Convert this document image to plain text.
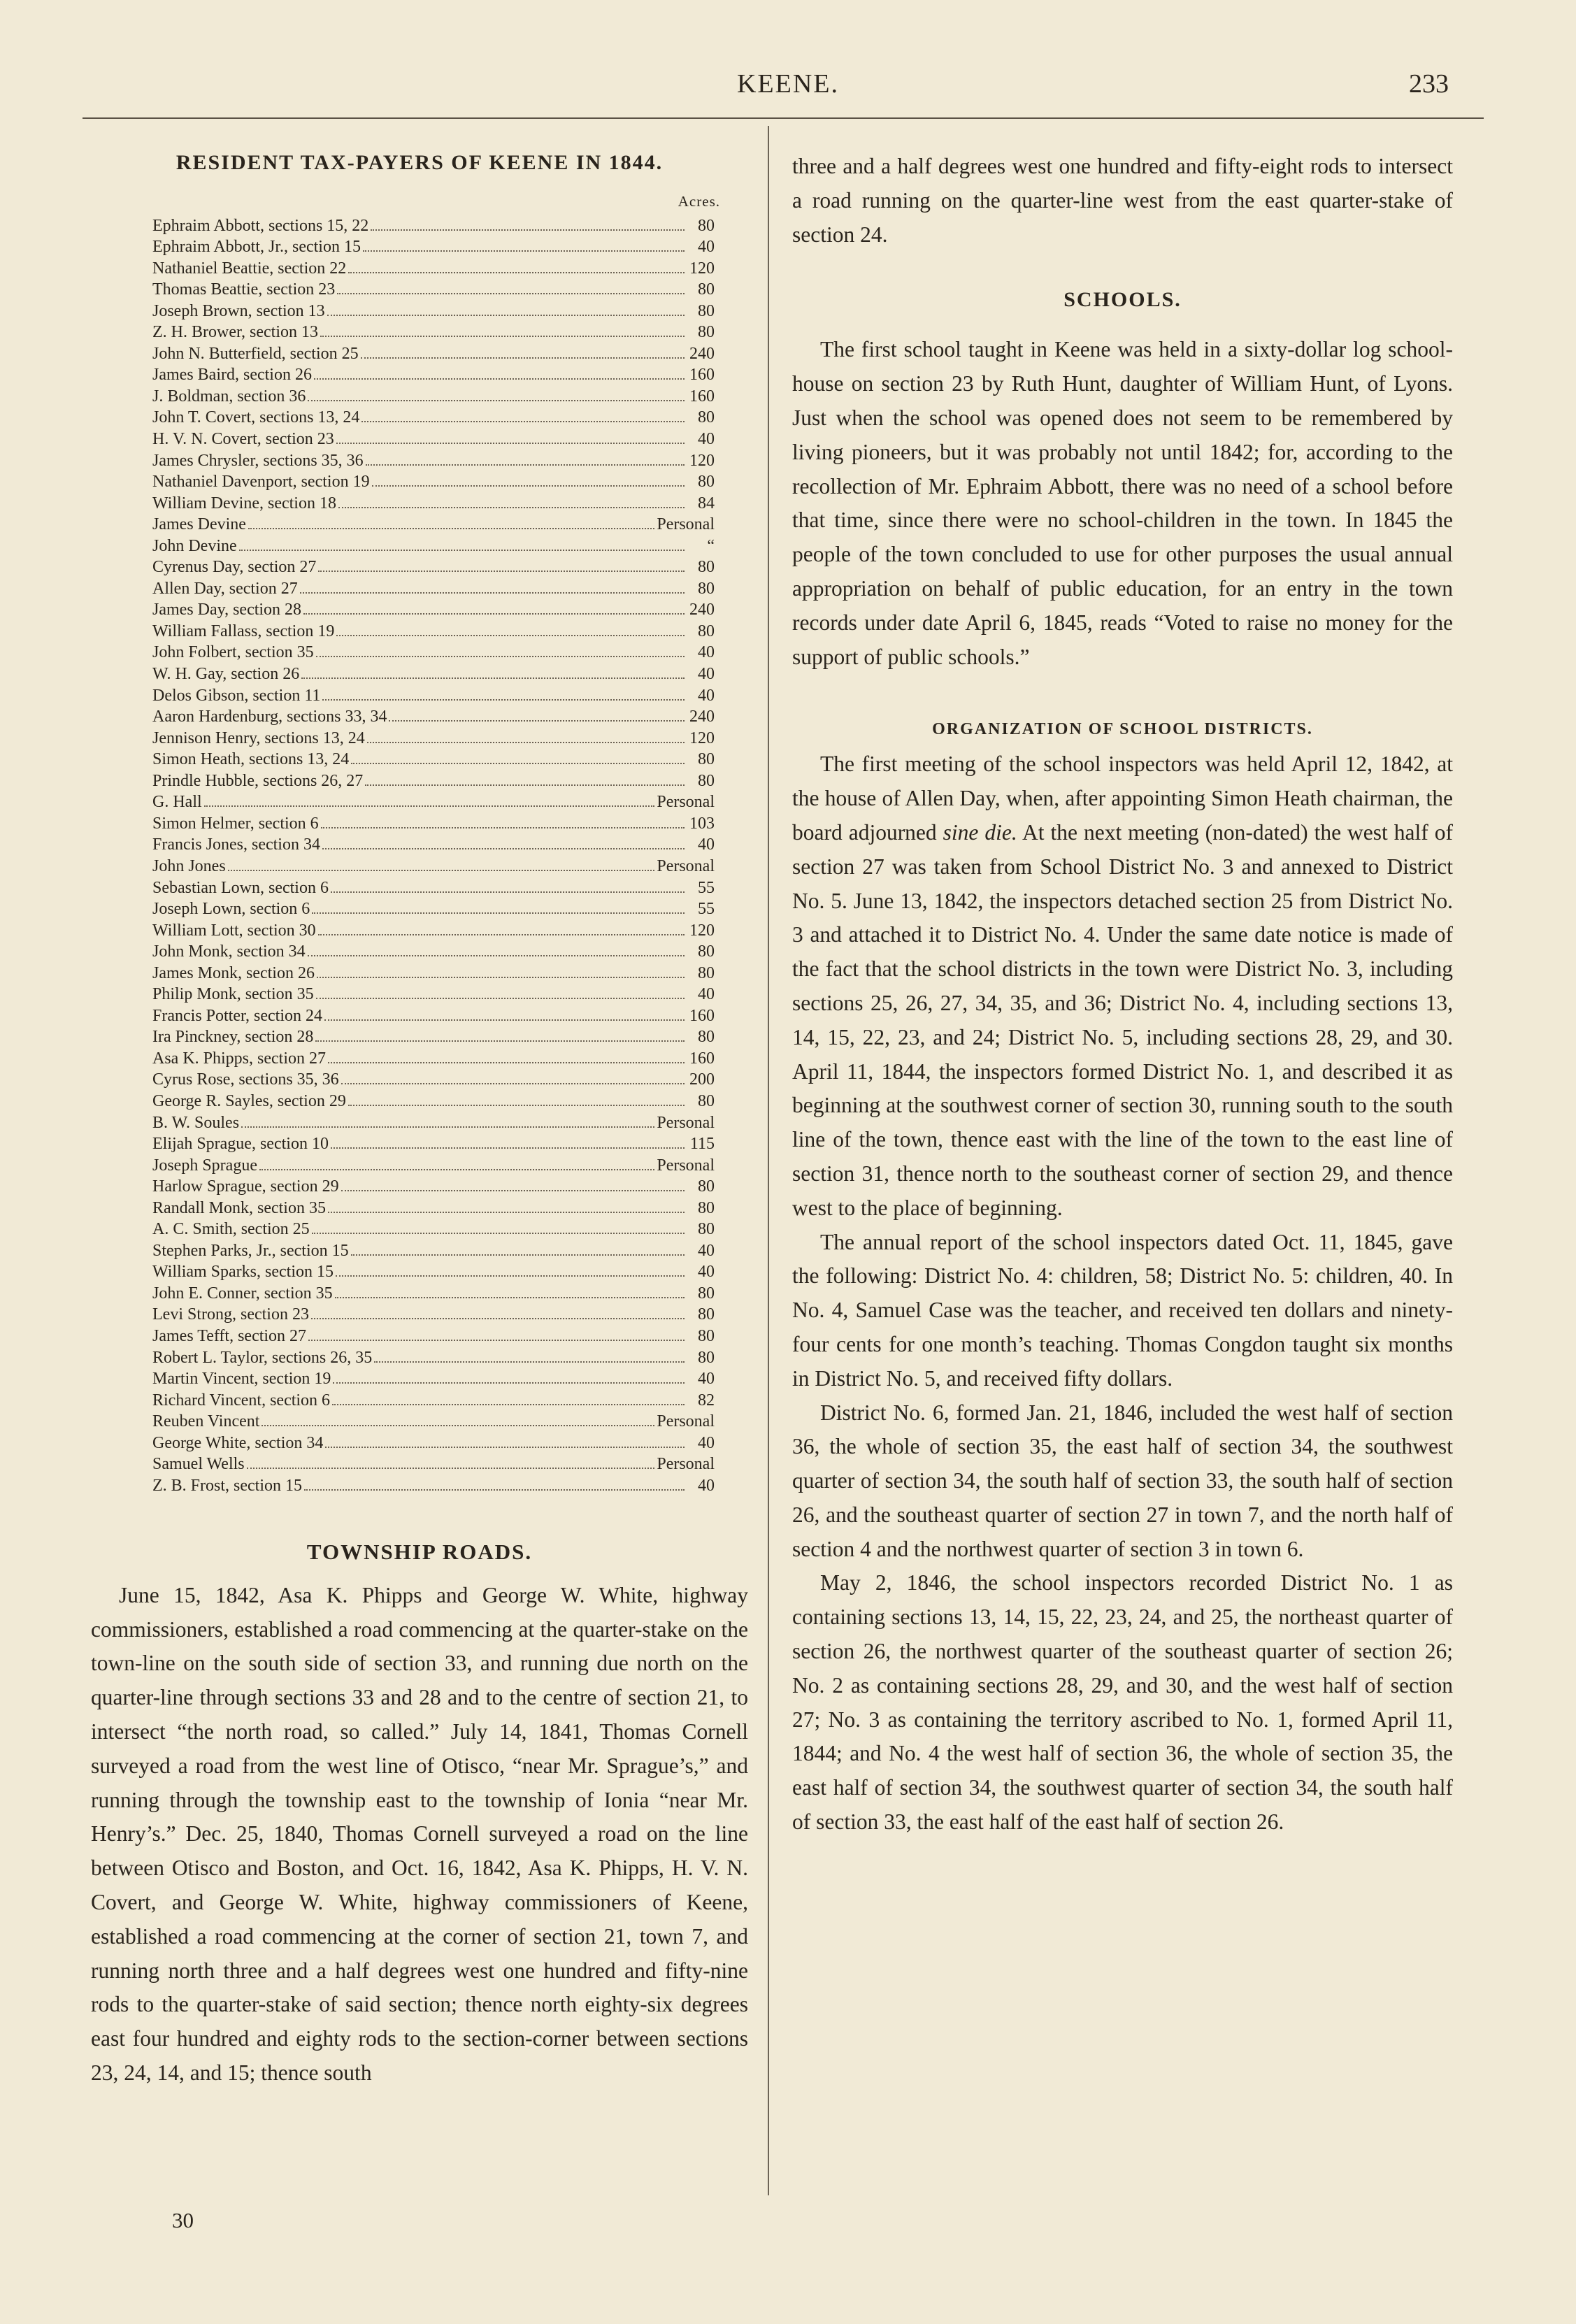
KEENE.	233
RESIDENT TAX-PAYERS OF KEENE IN 1844.
Acres.
Ephraim Abbott, sections 15, 22	80
Ephraim Abbott, Jr., section 15	40
Nathaniel Beattie, section 22	120
Thomas Beattie, section 23	80
Joseph Brown, section 13	80
Z. H. Brower, section 13	80
John N. Butterfield, section 25	240
James Baird, section 26	160
J. Boldman, section 36	160
John T. Covert, sections 13, 24	80
H. V. N. Covert, section 23	40
James Chrysler, sections 35, 36	120
Nathaniel Davenport, section 19	80
William Devine, section 18	84
James Devine	Personal
John Devine	“
Cyrenus Day, section 27	80
Allen Day, section 27	80
James Day, section 28	240
William Fallass, section 19	80
John Folbert, section 35	40
W. H. Gay, section 26	40
Delos Gibson, section 11	40
Aaron Hardenburg, sections 33, 34	240
Jennison Henry, sections 13, 24	120
Simon Heath, sections 13, 24	80
Prindle Hubble, sections 26, 27	80
G. Hall	Personal
Simon Helmer, section 6	103
Francis Jones, section 34	40
John Jones	Personal
Sebastian Lown, section 6	55
Joseph Lown, section 6	55
William Lott, section 30	120
John Monk, section 34	80
James Monk, section 26	80
Philip Monk, section 35	40
Francis Potter, section 24	160
Ira Pinckney, section 28	80
Asa K. Phipps, section 27	160
Cyrus Rose, sections 35, 36	200
George R. Sayles, section 29	80
B. W. Soules	Personal
Elijah Sprague, section 10	115
Joseph Sprague	Personal
Harlow Sprague, section 29	80
Randall Monk, section 35	80
A. C. Smith, section 25	80
Stephen Parks, Jr., section 15	40
William Sparks, section 15	40
John E. Conner, section 35	80
Levi Strong, section 23	80
James Tefft, section 27	80
Robert L. Taylor, sections 26, 35	80
Martin Vincent, section 19	40
Richard Vincent, section 6	82
Reuben Vincent	Personal
George White, section 34	40
Samuel Wells	Personal
Z. B. Frost, section 15	40
TOWNSHIP ROADS.

June 15, 1842, Asa K. Phipps and George W. White, highway commissioners, established a road commencing at the quarter-stake on the town-line on the south side of section 33, and running due north on the quarter-line through sections 33 and 28 and to the centre of section 21, to intersect “the north road, so called.” July 14, 1841, Thomas Cornell surveyed a road from the west line of Otisco, “near Mr. Sprague’s,” and running through the township east to the township of Ionia “near Mr. Henry’s.” Dec. 25, 1840, Thomas Cornell surveyed a road on the line between Otisco and Boston, and Oct. 16, 1842, Asa K. Phipps, H. V. N. Covert, and George W. White, highway commissioners of Keene, established a road commencing at the corner of section 21, town 7, and running north three and a half degrees west one hundred and fifty-nine rods to the quarter-stake of said section; thence north eighty-six degrees east four hundred and eighty rods to the section-corner between sections 23, 24, 14, and 15; thence south

30

three and a half degrees west one hundred and fifty-eight rods to intersect a road running on the quarter-line west from the east quarter-stake of section 24.

SCHOOLS.

The first school taught in Keene was held in a sixty-dollar log school-house on section 23 by Ruth Hunt, daughter of William Hunt, of Lyons. Just when the school was opened does not seem to be remembered by living pioneers, but it was probably not until 1842; for, according to the recollection of Mr. Ephraim Abbott, there was no need of a school before that time, since there were no school-children in the town. In 1845 the people of the town concluded to use for other purposes the usual annual appropriation on behalf of public education, for an entry in the town records under date April 6, 1845, reads “Voted to raise no money for the support of public schools.”

ORGANIZATION OF SCHOOL DISTRICTS.

The first meeting of the school inspectors was held April 12, 1842, at the house of Allen Day, when, after appointing Simon Heath chairman, the board adjourned sine die. At the next meeting (non-dated) the west half of section 27 was taken from School District No. 3 and annexed to District No. 5. June 13, 1842, the inspectors detached section 25 from District No. 3 and attached it to District No. 4. Under the same date notice is made of the fact that the school districts in the town were District No. 3, including sections 25, 26, 27, 34, 35, and 36; District No. 4, including sections 13, 14, 15, 22, 23, and 24; District No. 5, including sections 28, 29, and 30. April 11, 1844, the inspectors formed District No. 1, and described it as beginning at the southwest corner of section 30, running south to the south line of the town, thence east with the line of the town to the east line of section 31, thence north to the southeast corner of section 29, and thence west to the place of beginning.

The annual report of the school inspectors dated Oct. 11, 1845, gave the following: District No. 4: children, 58; District No. 5: children, 40. In No. 4, Samuel Case was the teacher, and received ten dollars and ninety-four cents for one month’s teaching. Thomas Congdon taught six months in District No. 5, and received fifty dollars.

District No. 6, formed Jan. 21, 1846, included the west half of section 36, the whole of section 35, the east half of section 34, the southwest quarter of section 34, the south half of section 33, the south half of section 26, and the southeast quarter of section 27 in town 7, and the north half of section 4 and the northwest quarter of section 3 in town 6.

May 2, 1846, the school inspectors recorded District No. 1 as containing sections 13, 14, 15, 22, 23, 24, and 25, the northeast quarter of section 26, the northwest quarter of the southeast quarter of section 26; No. 2 as containing sections 28, 29, and 30, and the west half of section 27; No. 3 as containing the territory ascribed to No. 1, formed April 11, 1844; and No. 4 the west half of section 36, the whole of section 35, the east half of section 34, the southwest quarter of section 34, the south half of section 33, the east half of the east half of section 26.
